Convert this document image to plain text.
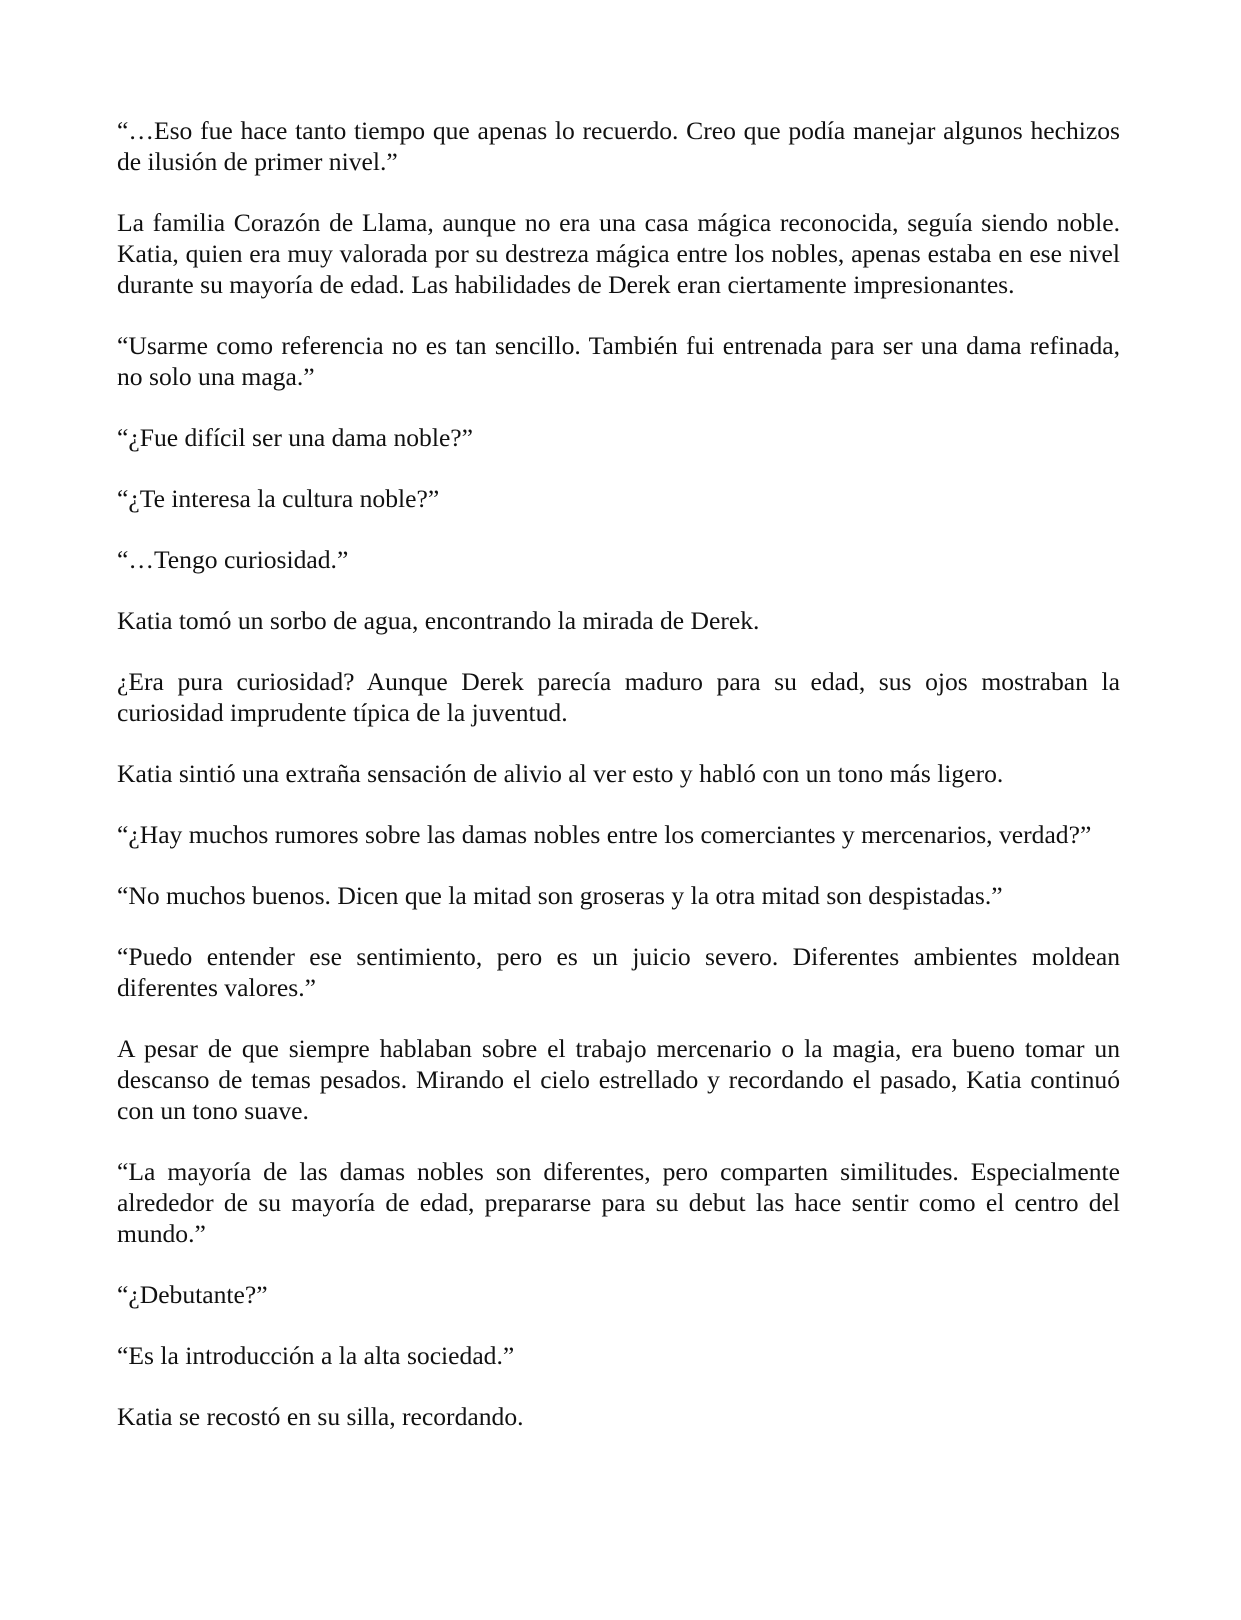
“…Eso fue hace tanto tiempo que apenas lo recuerdo. Creo que podía manejar algunos hechizos de ilusión de primer nivel.”

La familia Corazón de Llama, aunque no era una casa mágica reconocida, seguía siendo noble. Katia, quien era muy valorada por su destreza mágica entre los nobles, apenas estaba en ese nivel durante su mayoría de edad. Las habilidades de Derek eran ciertamente impresionantes.

“Usarme como referencia no es tan sencillo. También fui entrenada para ser una dama refinada, no solo una maga.”

“¿Fue difícil ser una dama noble?”

“¿Te interesa la cultura noble?”

“…Tengo curiosidad.”

Katia tomó un sorbo de agua, encontrando la mirada de Derek.

¿Era pura curiosidad? Aunque Derek parecía maduro para su edad, sus ojos mostraban la curiosidad imprudente típica de la juventud.

Katia sintió una extraña sensación de alivio al ver esto y habló con un tono más ligero.

“¿Hay muchos rumores sobre las damas nobles entre los comerciantes y mercenarios, verdad?”

“No muchos buenos. Dicen que la mitad son groseras y la otra mitad son despistadas.”

“Puedo entender ese sentimiento, pero es un juicio severo. Diferentes ambientes moldean diferentes valores.”

A pesar de que siempre hablaban sobre el trabajo mercenario o la magia, era bueno tomar un descanso de temas pesados. Mirando el cielo estrellado y recordando el pasado, Katia continuó con un tono suave.

“La mayoría de las damas nobles son diferentes, pero comparten similitudes. Especialmente alrededor de su mayoría de edad, prepararse para su debut las hace sentir como el centro del mundo.”

“¿Debutante?”

“Es la introducción a la alta sociedad.”

Katia se recostó en su silla, recordando.
